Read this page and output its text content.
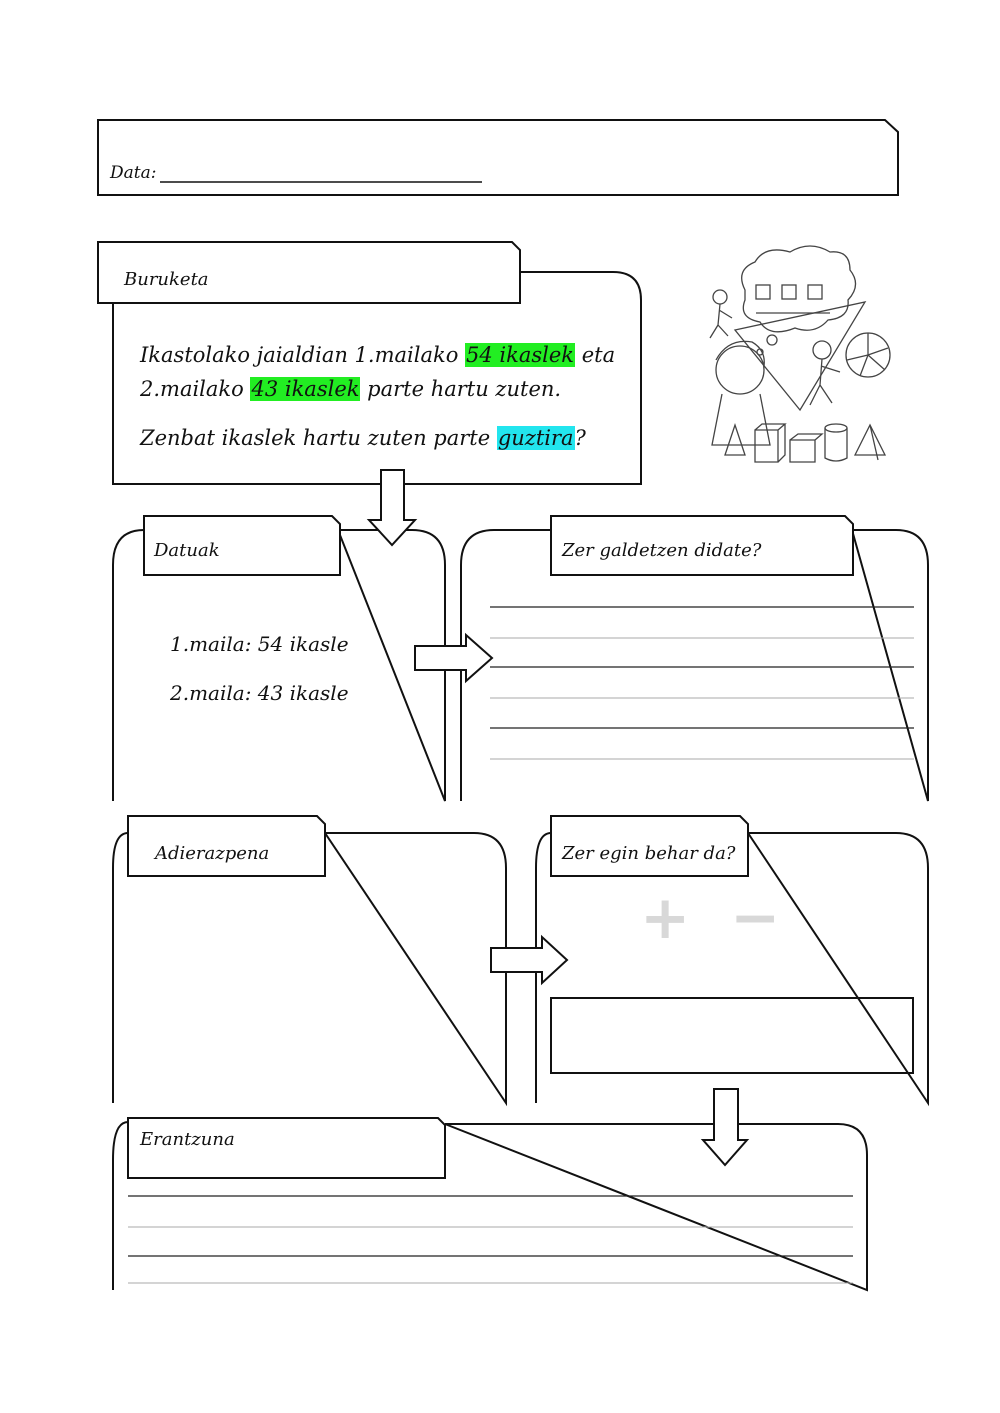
Data:
Buruketa
Ikastolako jaialdian 1.mailako 54 ikaslek eta
2.mailako 43 ikaslek parte hartu zuten.
Zenbat ikaslek hartu zuten parte guztira?
Datuak
1.maila: 54 ikasle
2.maila: 43 ikasle
Zer galdetzen didate?
Adierazpena	Zer egin behar da?
+ −
Erantzuna
